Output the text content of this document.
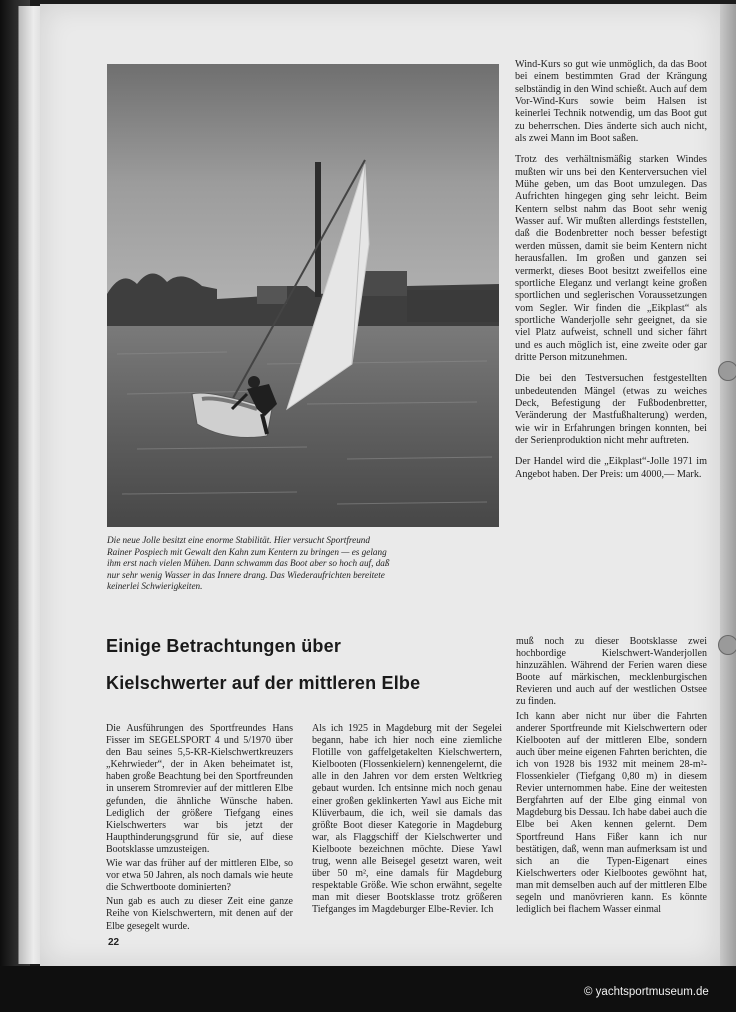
Die neue Jolle besitzt eine enorme Stabilität. Hier versucht Sportfreund
Rainer Pospiech mit Gewalt den Kahn zum Kentern zu bringen — es gelang
ihm erst nach vielen Mühen. Dann schwamm das Boot aber so hoch auf, daß
nur sehr wenig Wasser in das Innere drang. Das Wiederaufrichten bereitete
keinerlei Schwierigkeiten.

Wind-Kurs so gut wie unmöglich, da das Boot bei einem bestimmten Grad der Krängung selbständig in den Wind schießt. Auch auf dem Vor-Wind-Kurs sowie beim Halsen ist keinerlei Technik notwendig, um das Boot gut zu beherrschen. Dies änderte sich auch nicht, als zwei Mann im Boot saßen.

Trotz des verhältnismäßig starken Windes mußten wir uns bei den Kenterversuchen viel Mühe geben, um das Boot umzulegen. Das Aufrichten hingegen ging sehr leicht. Beim Kentern selbst nahm das Boot sehr wenig Wasser auf. Wir mußten allerdings feststellen, daß die Bodenbretter noch besser befestigt werden müssen, damit sie beim Kentern nicht herausfallen. Im großen und ganzen sei vermerkt, dieses Boot besitzt zweifellos eine sportliche Eleganz und verlangt keine großen sportlichen und seglerischen Voraussetzungen vom Segler. Wir finden die „Eikplast“ als sportliche Wanderjolle sehr geeignet, da sie viel Platz aufweist, schnell und sicher fährt und es auch möglich ist, eine zweite oder gar dritte Person mitzunehmen.

Die bei den Testversuchen festgestellten unbedeutenden Mängel (etwas zu weiches Deck, Befestigung der Fußbodenbretter, Veränderung der Mastfußhalterung) werden, wie wir in Erfahrungen bringen konnten, bei der Serienproduktion nicht mehr auftreten.

Der Handel wird die „Eikplast“-Jolle 1971 im Angebot haben. Der Preis: um 4000,— Mark.

Einige Betrachtungen über
Kielschwerter auf der mittleren Elbe

Die Ausführungen des Sportfreundes Hans Fisser im SEGELSPORT 4 und 5/1970 über den Bau seines 5,5-KR-Kielschwertkreuzers „Kehrwieder“, der in Aken beheimatet ist, haben große Beachtung bei den Sportfreunden in unserem Stromrevier auf der mittleren Elbe gefunden, die ähnliche Wünsche haben. Lediglich der größere Tiefgang eines Kielschwerters war bis jetzt der Haupthinderungsgrund für sie, auf diese Bootsklasse umzusteigen.

Wie war das früher auf der mittleren Elbe, so vor etwa 50 Jahren, als noch damals wie heute die Schwertboote dominierten?

Nun gab es auch zu dieser Zeit eine ganze Reihe von Kielschwertern, mit denen auf der Elbe gesegelt wurde.

Als ich 1925 in Magdeburg mit der Segelei begann, habe ich hier noch eine ziemliche Flotille von gaffelgetakelten Kielschwertern, Kielbooten (Flossenkielern) kennengelernt, die alle in den Jahren vor dem ersten Weltkrieg gebaut wurden. Ich entsinne mich noch genau einer großen geklinkerten Yawl aus Eiche mit Klüverbaum, die ich, weil sie damals das größte Boot dieser Kategorie in Magdeburg war, als Flaggschiff der Kielschwerter und Kielboote bezeichnen möchte. Diese Yawl trug, wenn alle Beisegel gesetzt waren, weit über 50 m², eine damals für Magdeburg respektable Größe. Wie schon erwähnt, segelte man mit dieser Bootsklasse trotz größeren Tiefganges im Magdeburger Elbe-Revier. Ich

muß noch zu dieser Bootsklasse zwei hochbordige Kielschwert-Wanderjollen hinzuzählen. Während der Ferien waren diese Boote auf märkischen, mecklenburgischen Revieren und auch auf der westlichen Ostsee zu finden.

Ich kann aber nicht nur über die Fahrten anderer Sportfreunde mit Kielschwertern oder Kielbooten auf der mittleren Elbe, sondern auch über meine eigenen Fahrten berichten, die ich von 1928 bis 1932 mit meinem 28-m²-Flossenkieler (Tiefgang 0,80 m) in diesem Revier unternommen habe. Eine der weitesten Bergfahrten auf der Elbe ging einmal von Magdeburg bis Dessau. Ich habe dabei auch die Elbe bei Aken kennen gelernt. Dem Sportfreund Hans Fißer kann ich nur bestätigen, daß, wenn man aufmerksam ist und sich an die Typen-Eigenart eines Kielschwerters oder Kielbootes gewöhnt hat, man mit demselben auch auf der mittleren Elbe segeln und manövrieren kann. Es könnte lediglich bei flachem Wasser einmal

22
© yachtsportmuseum.de
